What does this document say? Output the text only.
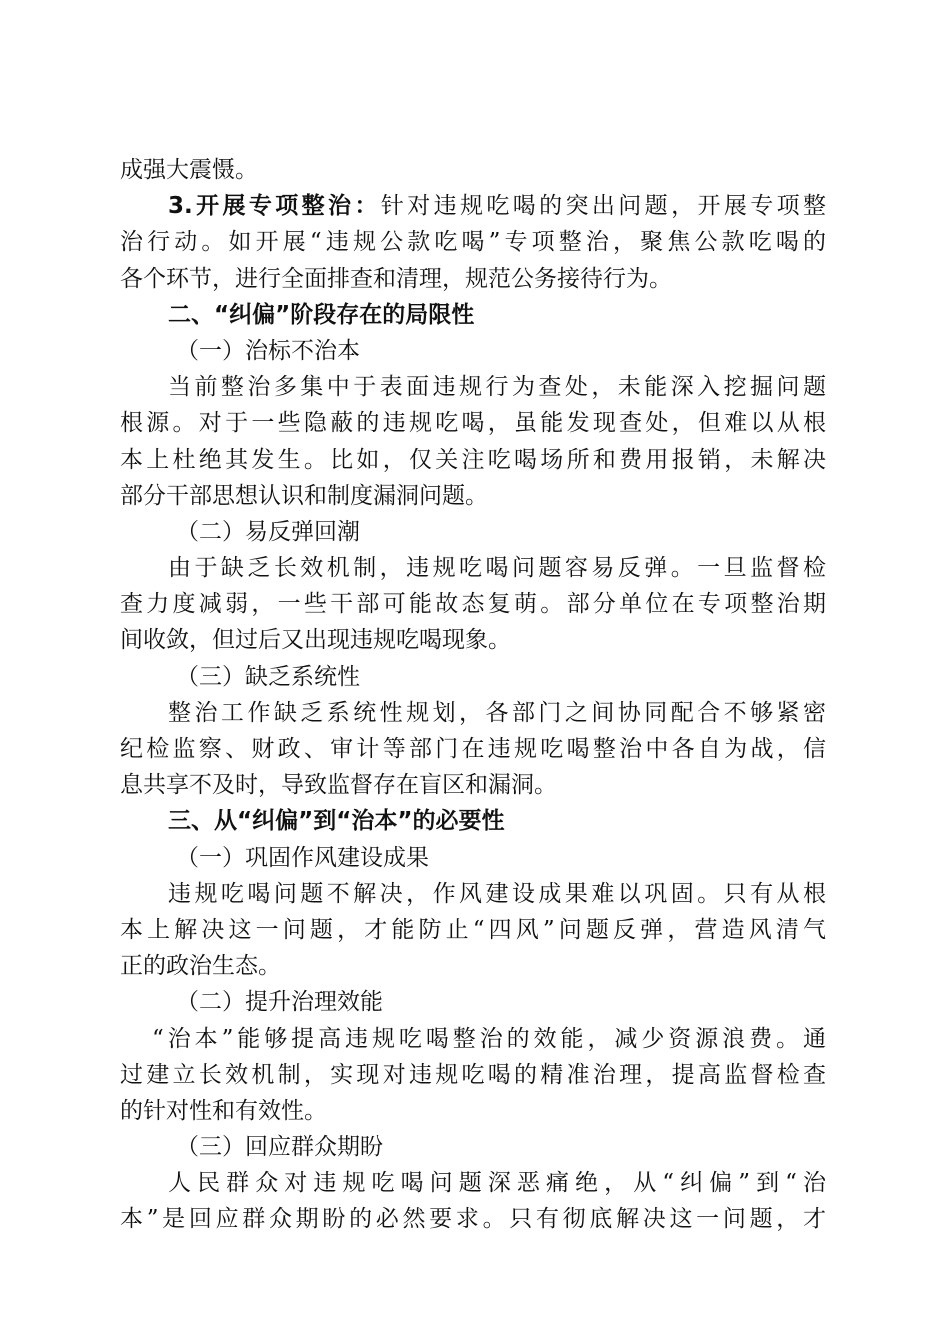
成强大震慑。
3.开展专项整治：针对违规吃喝的突出问题，开展专项整
治行动。如开展“违规公款吃喝”专项整治，聚焦公款吃喝的
各个环节，进行全面排查和清理，规范公务接待行为。
二、“纠偏”阶段存在的局限性
（一）治标不治本
当前整治多集中于表面违规行为查处，未能深入挖掘问题
根源。对于一些隐蔽的违规吃喝，虽能发现查处，但难以从根
本上杜绝其发生。比如，仅关注吃喝场所和费用报销，未解决
部分干部思想认识和制度漏洞问题。
（二）易反弹回潮
由于缺乏长效机制，违规吃喝问题容易反弹。一旦监督检
查力度减弱，一些干部可能故态复萌。部分单位在专项整治期
间收敛，但过后又出现违规吃喝现象。
（三）缺乏系统性
整治工作缺乏系统性规划，各部门之间协同配合不够紧密
纪检监察、财政、审计等部门在违规吃喝整治中各自为战，信
息共享不及时，导致监督存在盲区和漏洞。
三、从“纠偏”到“治本”的必要性
（一）巩固作风建设成果
违规吃喝问题不解决，作风建设成果难以巩固。只有从根
本上解决这一问题，才能防止“四风”问题反弹，营造风清气
正的政治生态。
（二）提升治理效能
“治本”能够提高违规吃喝整治的效能，减少资源浪费。通
过建立长效机制，实现对违规吃喝的精准治理，提高监督检查
的针对性和有效性。
（三）回应群众期盼
人民群众对违规吃喝问题深恶痛绝，从“纠偏”到“治
本”是回应群众期盼的必然要求。只有彻底解决这一问题，才
